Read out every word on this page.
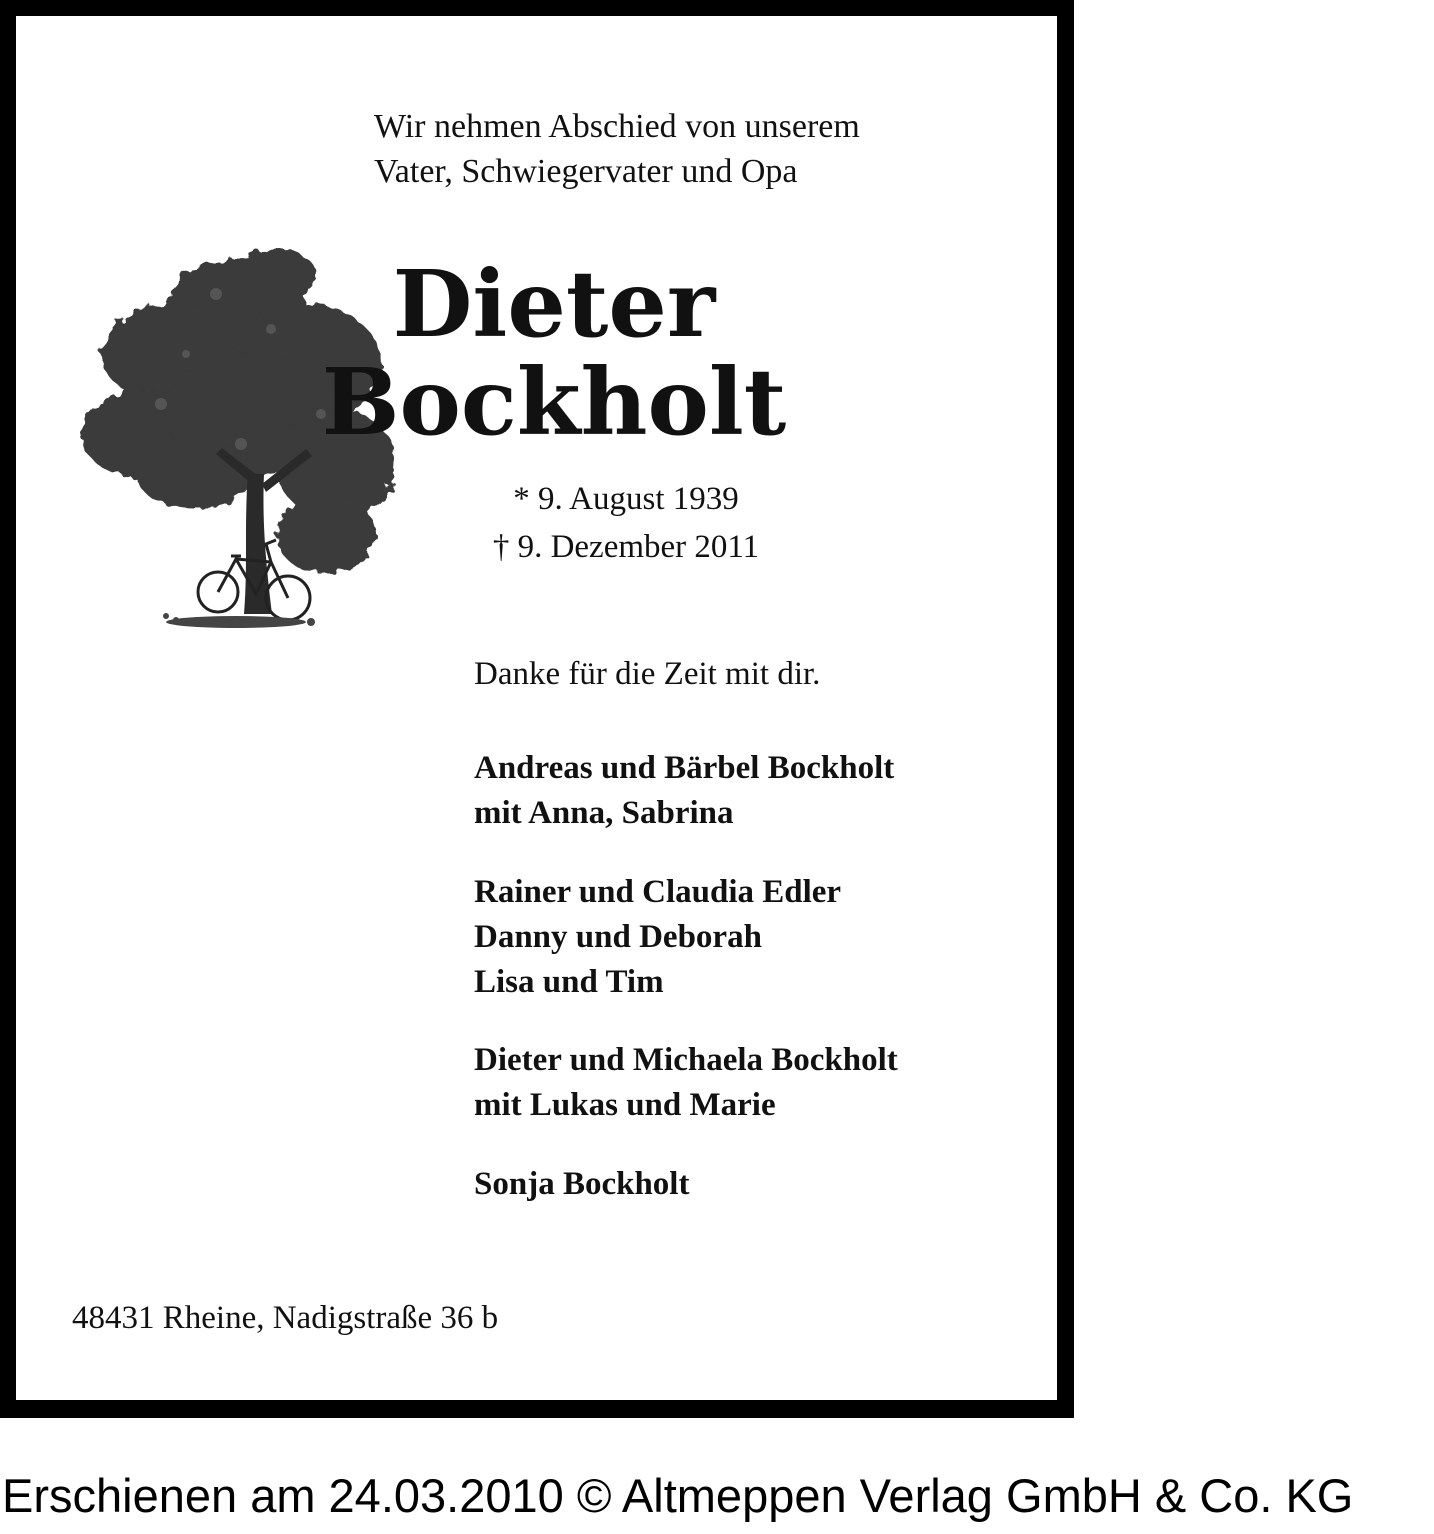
Wir nehmen Abschied von unserem
Vater, Schwiegervater und Opa
Dieter
Bockholt
* 9. August 1939
† 9. Dezember 2011
Danke für die Zeit mit dir.
Andreas und Bärbel Bockholt
mit Anna, Sabrina
Rainer und Claudia Edler
Danny und Deborah
Lisa und Tim
Dieter und Michaela Bockholt
mit Lukas und Marie
Sonja Bockholt
48431 Rheine, Nadigstraße 36 b
Erschienen am 24.03.2010 © Altmeppen Verlag GmbH & Co. KG
